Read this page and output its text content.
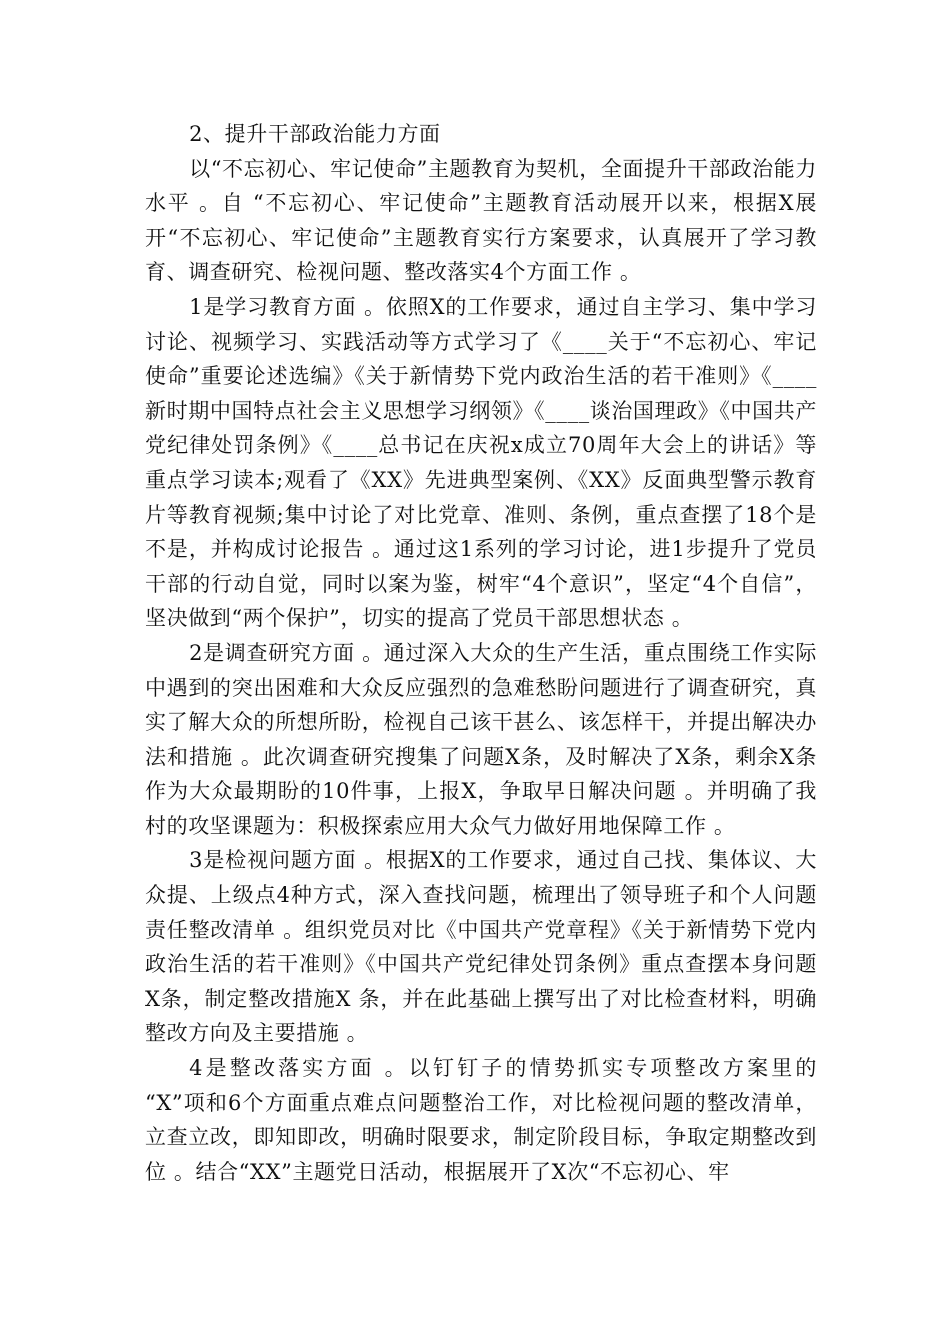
2、提升干部政治能力方面

以“不忘初心、牢记使命”主题教育为契机，全面提升干部政治能力水平 。自 “不忘初心、牢记使命”主题教育活动展开以来，根据X展开“不忘初心、牢记使命”主题教育实行方案要求，认真展开了学习教育、调查研究、检视问题、整改落实4个方面工作 。

1是学习教育方面 。依照X的工作要求，通过自主学习、集中学习讨论、视频学习、实践活动等方式学习了《____关于“不忘初心、牢记使命”重要论述选编》《关于新情势下党内政治生活的若干准则》《____新时期中国特点社会主义思想学习纲领》《____谈治国理政》《中国共产党纪律处罚条例》《____总书记在庆祝x成立70周年大会上的讲话》等重点学习读本;观看了《XX》先进典型案例、《XX》反面典型警示教育片等教育视频;集中讨论了对比党章、准则、条例，重点查摆了18个是不是，并构成讨论报告 。通过这1系列的学习讨论，进1步提升了党员干部的行动自觉，同时以案为鉴，树牢“4个意识”，坚定“4个自信”，坚决做到“两个保护”，切实的提高了党员干部思想状态 。

2是调查研究方面 。通过深入大众的生产生活，重点围绕工作实际中遇到的突出困难和大众反应强烈的急难愁盼问题进行了调查研究，真实了解大众的所想所盼，检视自己该干甚么、该怎样干，并提出解决办法和措施 。此次调查研究搜集了问题X条，及时解决了X条，剩余X条作为大众最期盼的10件事，上报X，争取早日解决问题 。并明确了我村的攻坚课题为：积极探索应用大众气力做好用地保障工作 。

3是检视问题方面 。根据X的工作要求，通过自己找、集体议、大众提、上级点4种方式，深入查找问题，梳理出了领导班子和个人问题责任整改清单 。组织党员对比《中国共产党章程》《关于新情势下党内政治生活的若干准则》《中国共产党纪律处罚条例》重点查摆本身问题X条，制定整改措施X 条，并在此基础上撰写出了对比检查材料，明确整改方向及主要措施 。

4是整改落实方面 。以钉钉子的情势抓实专项整改方案里的 “X”项和6个方面重点难点问题整治工作，对比检视问题的整改清单，立查立改，即知即改，明确时限要求，制定阶段目标，争取定期整改到位 。结合“XX”主题党日活动，根据展开了X次“不忘初心、牢
